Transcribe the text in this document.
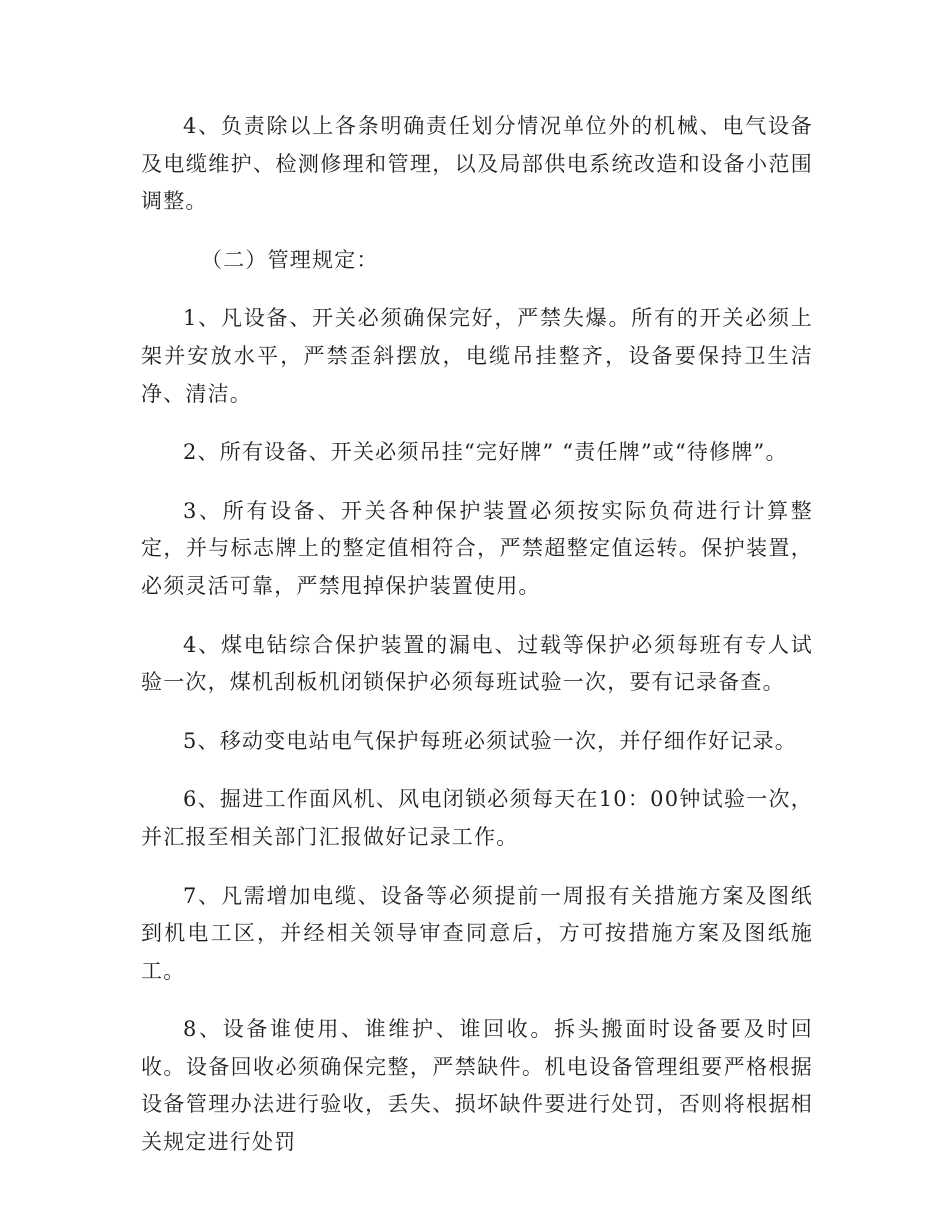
4、负责除以上各条明确责任划分情况单位外的机械、电气设备及电缆维护、检测修理和管理，以及局部供电系统改造和设备小范围调整。

（二）管理规定：

1、凡设备、开关必须确保完好，严禁失爆。所有的开关必须上架并安放水平，严禁歪斜摆放，电缆吊挂整齐，设备要保持卫生洁净、清洁。

2、所有设备、开关必须吊挂“完好牌” “责任牌”或“待修牌”。

3、所有设备、开关各种保护装置必须按实际负荷进行计算整定，并与标志牌上的整定值相符合，严禁超整定值运转。保护装置，必须灵活可靠，严禁甩掉保护装置使用。

4、煤电钻综合保护装置的漏电、过载等保护必须每班有专人试验一次，煤机刮板机闭锁保护必须每班试验一次，要有记录备查。

5、移动变电站电气保护每班必须试验一次，并仔细作好记录。

6、掘进工作面风机、风电闭锁必须每天在10：00钟试验一次，并汇报至相关部门汇报做好记录工作。

7、凡需增加电缆、设备等必须提前一周报有关措施方案及图纸到机电工区，并经相关领导审查同意后，方可按措施方案及图纸施工。

8、设备谁使用、谁维护、谁回收。拆头搬面时设备要及时回收。设备回收必须确保完整，严禁缺件。机电设备管理组要严格根据设备管理办法进行验收，丢失、损坏缺件要进行处罚，否则将根据相关规定进行处罚
